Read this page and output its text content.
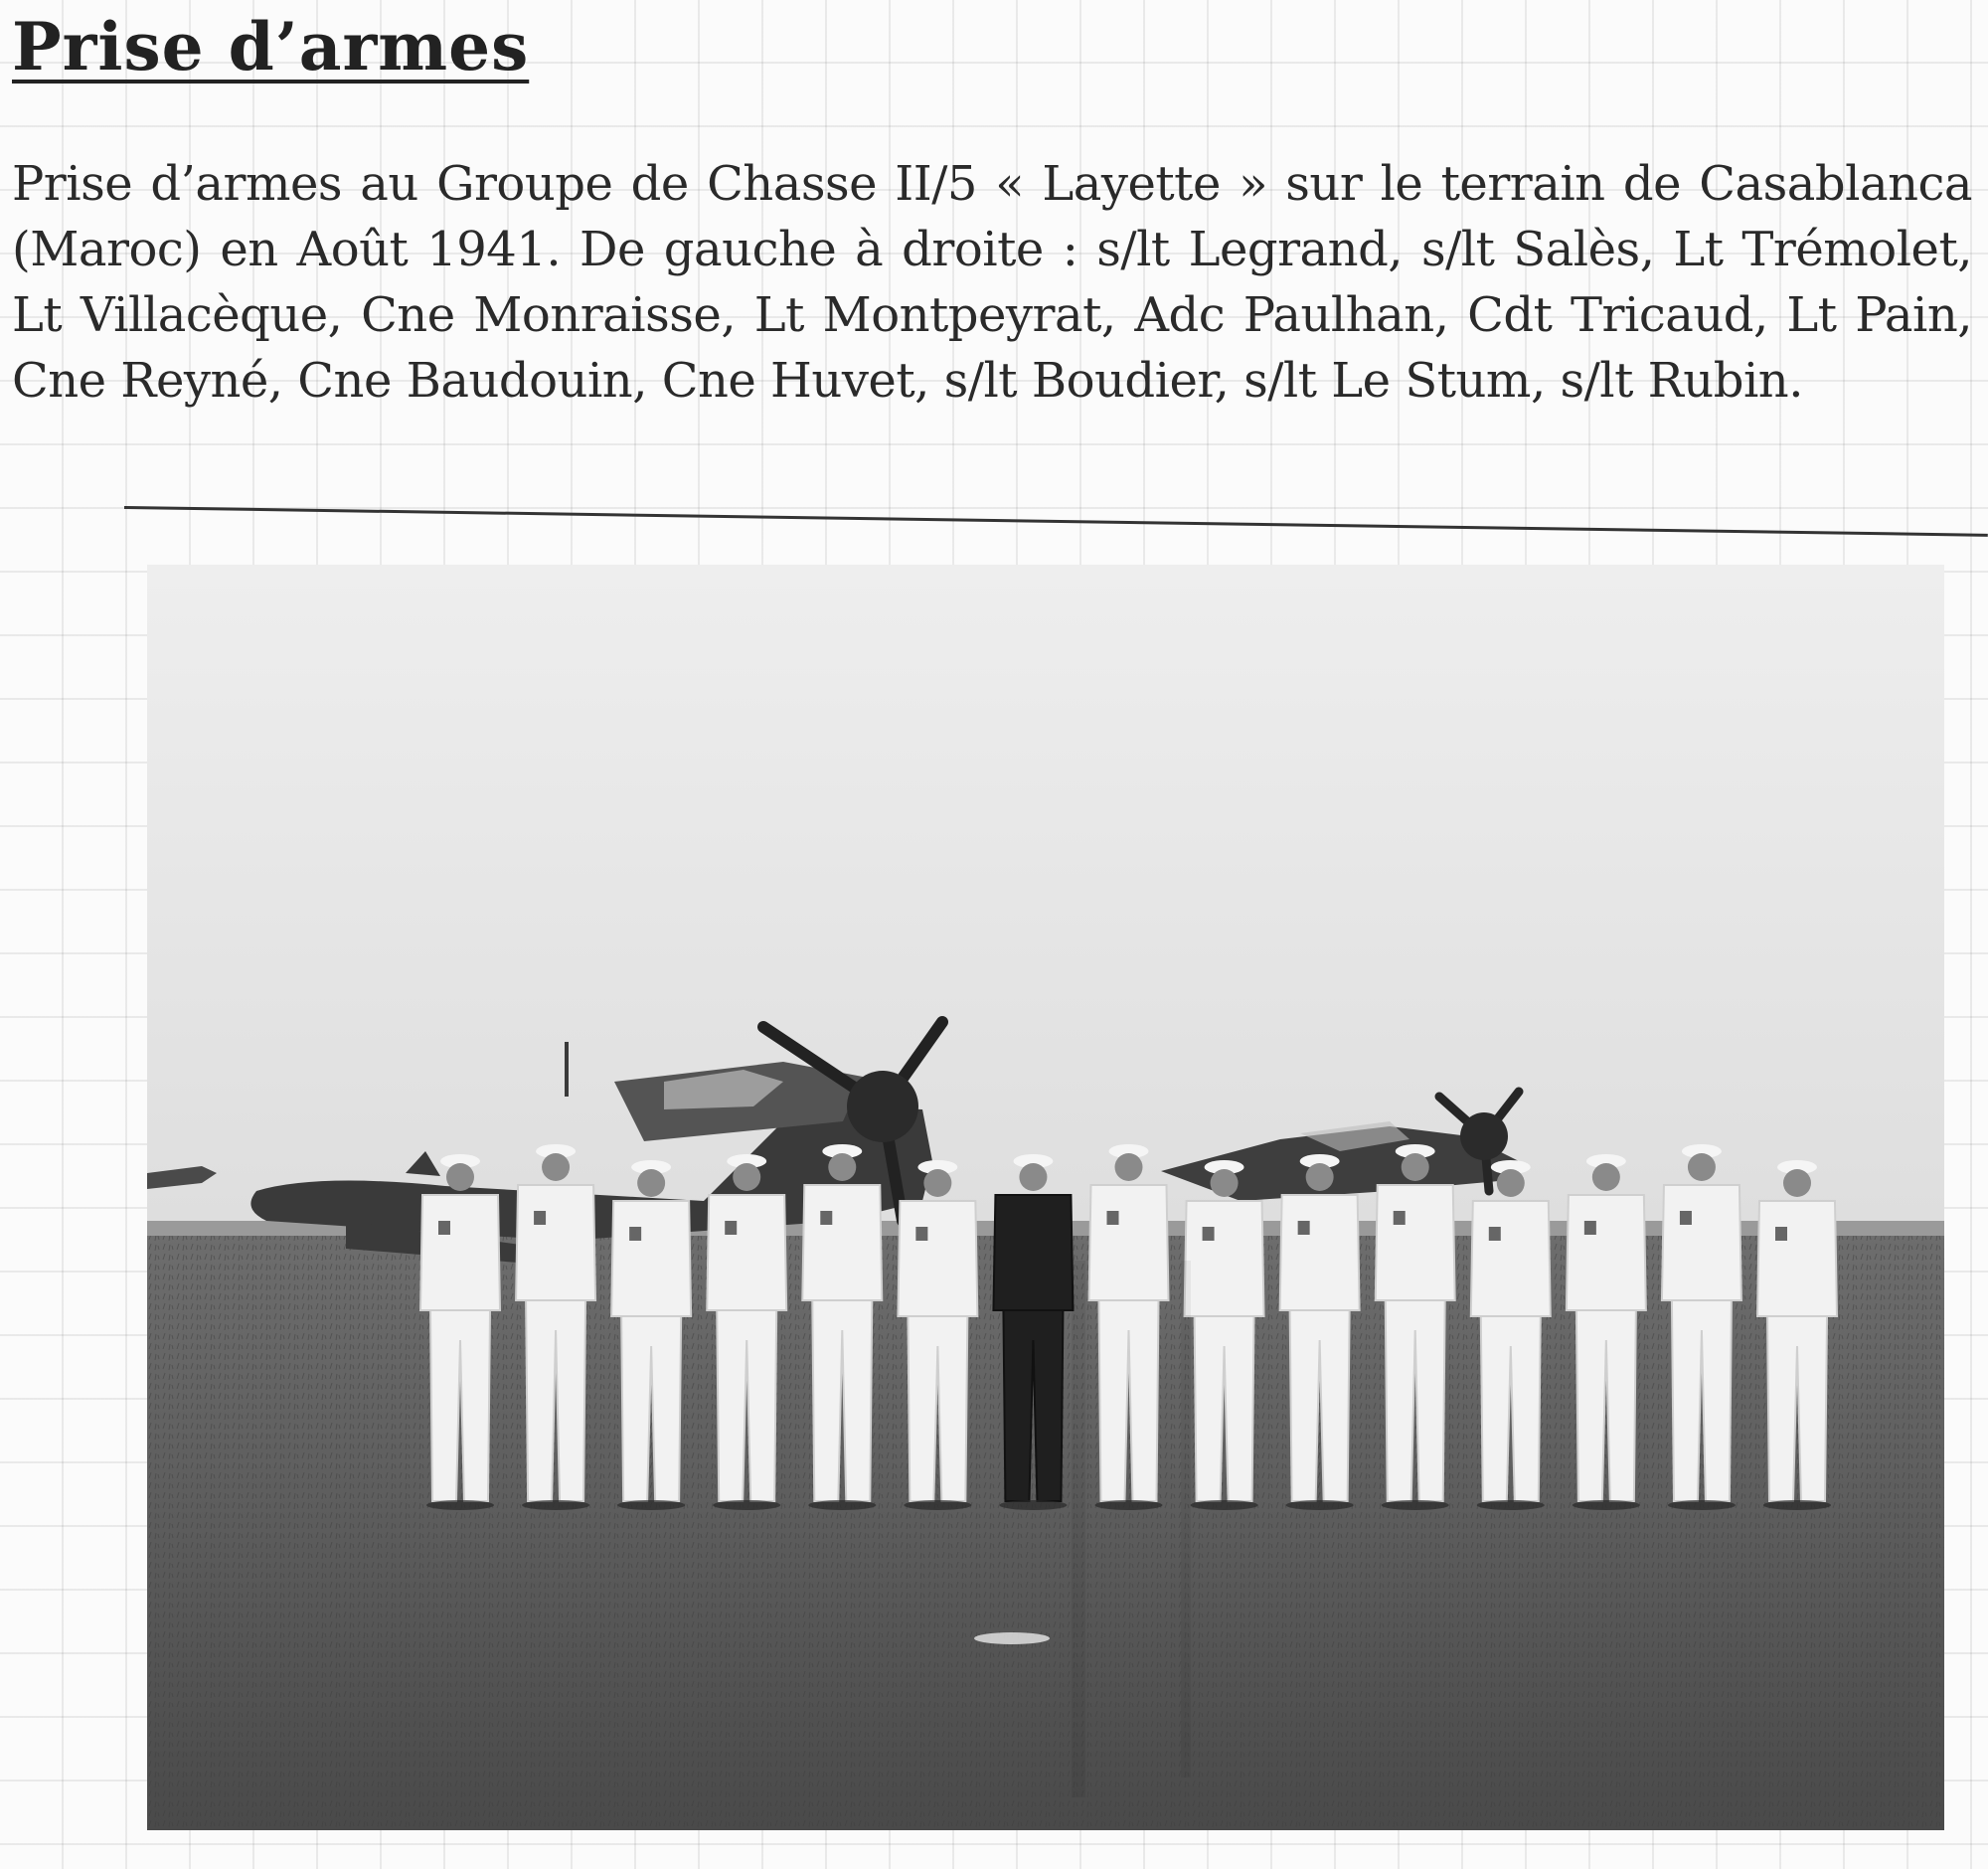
Prise d’armes

Prise d’armes au Groupe de Chasse II/5 « Layette » sur le terrain de Casablanca (Maroc) en Août 1941. De gauche à droite : s/lt Legrand, s/lt Salès, Lt Trémolet, Lt Villacèque, Cne Monraisse, Lt Montpeyrat, Adc Paulhan, Cdt Tricaud, Lt Pain, Cne Reyné, Cne Baudouin, Cne Huvet, s/lt Boudier, s/lt Le Stum, s/lt Rubin.
